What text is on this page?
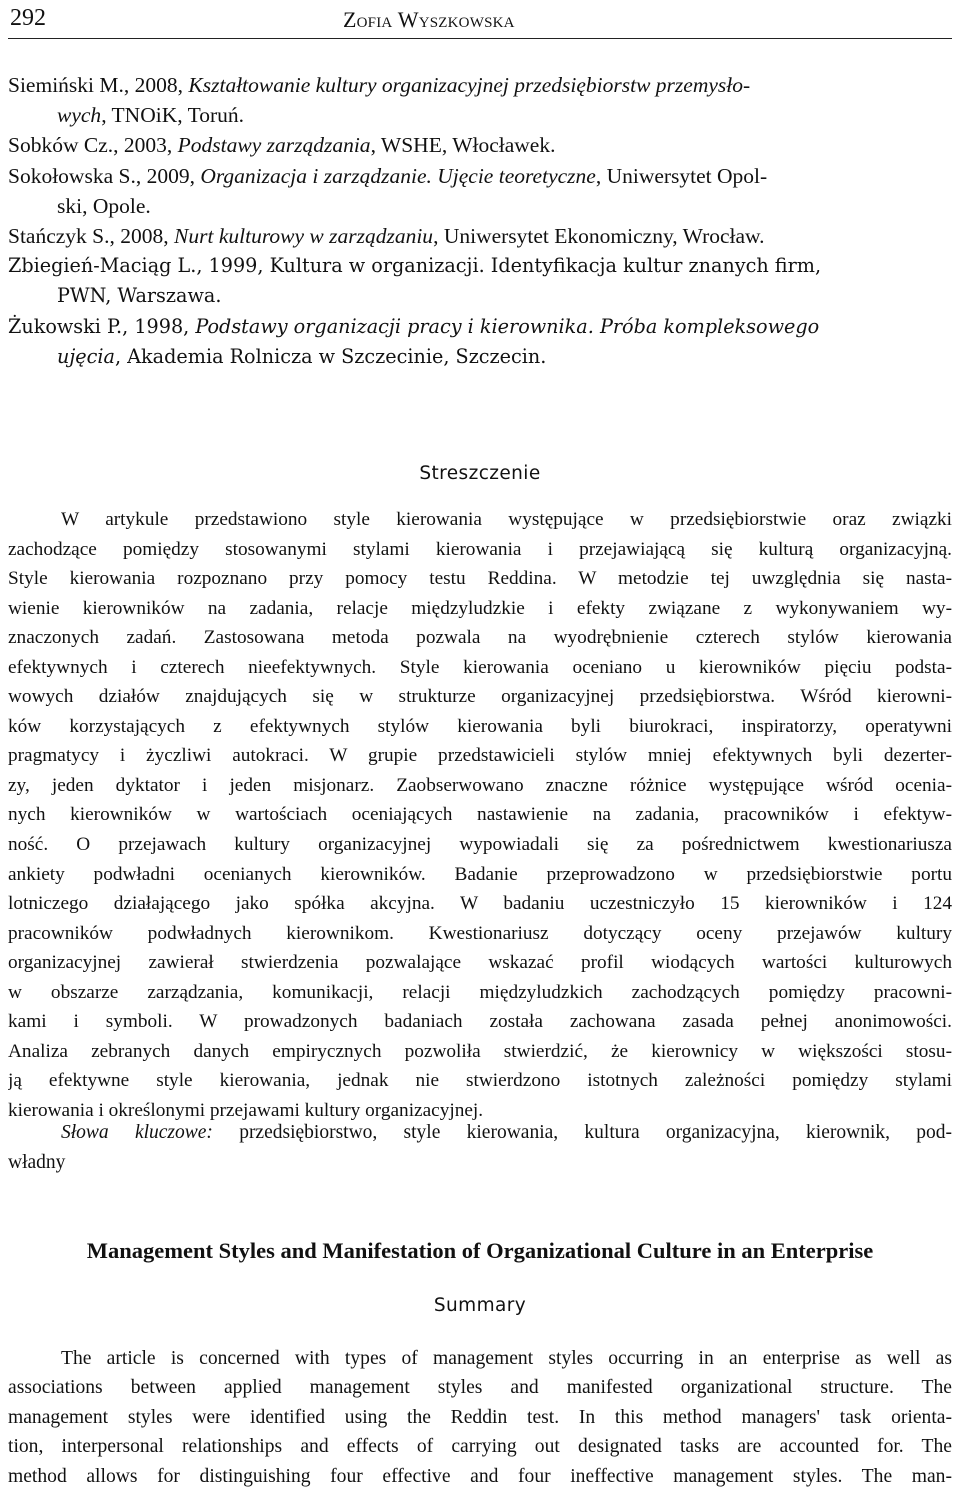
292	Zofia Wyszkowska
Siemiński M., 2008, Kształtowanie kultury organizacyjnej przedsiębiorstw przemysło-
wych, TNOiK, Toruń.
Sobków Cz., 2003, Podstawy zarządzania, WSHE, Włocławek.
Sokołowska S., 2009, Organizacja i zarządzanie. Ujęcie teoretyczne, Uniwersytet Opol-
ski, Opole.
Stańczyk S., 2008, Nurt kulturowy w zarządzaniu, Uniwersytet Ekonomiczny, Wrocław.
Zbiegień-Maciąg L., 1999, Kultura w organizacji. Identyfikacja kultur znanych firm,
PWN, Warszawa.
Żukowski P., 1998, Podstawy organizacji pracy i kierownika. Próba kompleksowego
ujęcia, Akademia Rolnicza w Szczecinie, Szczecin.
Streszczenie
W artykule przedstawiono style kierowania występujące w przedsiębiorstwie oraz związki
zachodzące pomiędzy stosowanymi stylami kierowania i przejawiającą się kulturą organizacyjną.
Style kierowania rozpoznano przy pomocy testu Reddina. W metodzie tej uwzględnia się nasta-
wienie kierowników na zadania, relacje międzyludzkie i efekty związane z wykonywaniem wy-
znaczonych zadań. Zastosowana metoda pozwala na wyodrębnienie czterech stylów kierowania
efektywnych i czterech nieefektywnych. Style kierowania oceniano u kierowników pięciu podsta-
wowych działów znajdujących się w strukturze organizacyjnej przedsiębiorstwa. Wśród kierowni-
ków korzystających z efektywnych stylów kierowania byli biurokraci, inspiratorzy, operatywni
pragmatycy i życzliwi autokraci. W grupie przedstawicieli stylów mniej efektywnych byli dezerter-
zy, jeden dyktator i jeden misjonarz. Zaobserwowano znaczne różnice występujące wśród oceniа-
nych kierowników w wartościach oceniających nastawienie na zadania, pracowników i efektyw-
ność. O przejawach kultury organizacyjnej wypowiadali się za pośrednictwem kwestionariusza
ankiety podwładni ocenianych kierowników. Badanie przeprowadzono w przedsiębiorstwie portu
lotniczego działającego jako spółka akcyjna. W badaniu uczestniczyło 15 kierowników i 124
pracowników podwładnych kierownikom. Kwestionariusz dotyczący oceny przejawów kultury
organizacyjnej zawierał stwierdzenia pozwalające wskazać profil wiodących wartości kulturowych
w obszarze zarządzania, komunikacji, relacji międzyludzkich zachodzących pomiędzy pracowni-
kami i symboli. W prowadzonych badaniach została zachowana zasada pełnej anonimowości.
Analiza zebranych danych empirycznych pozwoliła stwierdzić, że kierownicy w większości stosu-
ją efektywne style kierowania, jednak nie stwierdzono istotnych zależności pomiędzy stylami
kierowania i określonymi przejawami kultury organizacyjnej.
Słowa kluczowe: przedsiębiorstwo, style kierowania, kultura organizacyjna, kierownik, pod-
władny
Management Styles and Manifestation of Organizational Culture in an Enterprise
Summary
The article is concerned with types of management styles occurring in an enterprise as well as
associations between applied management styles and manifested organizational structure. The
management styles were identified using the Reddin test. In this method managers' task orienta-
tion, interpersonal relationships and effects of carrying out designated tasks are accounted for. The
method allows for distinguishing four effective and four ineffective management styles. The man-
